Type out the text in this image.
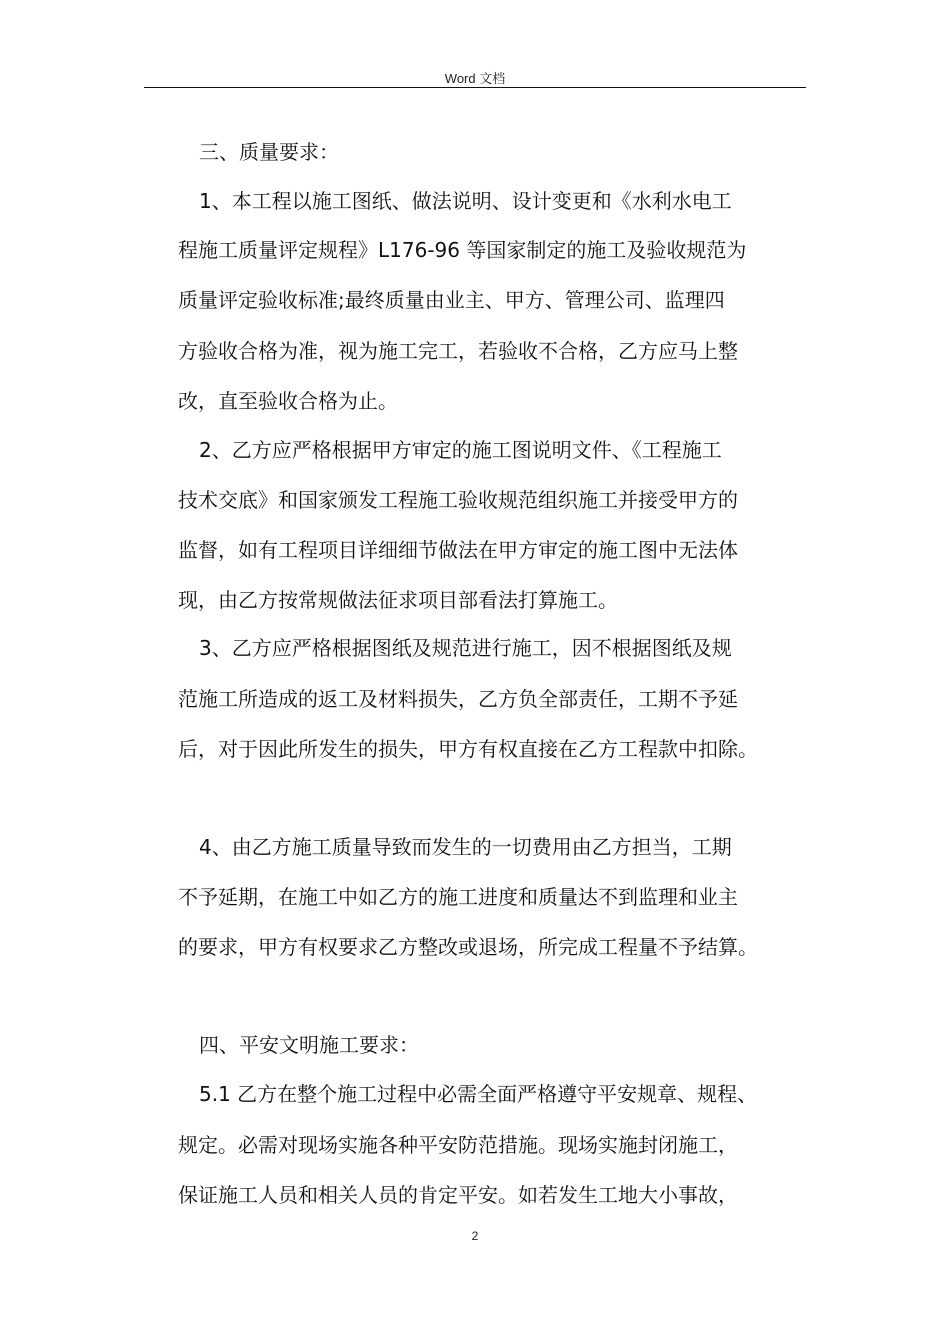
Word 文档
三、质量要求：
1、本工程以施工图纸、做法说明、设计变更和《水利水电工
程施工质量评定规程》L176-96 等国家制定的施工及验收规范为
质量评定验收标准;最终质量由业主、甲方、管理公司、监理四
方验收合格为准，视为施工完工，若验收不合格，乙方应马上整
改，直至验收合格为止。
2、乙方应严格根据甲方审定的施工图说明文件、《工程施工
技术交底》和国家颁发工程施工验收规范组织施工并接受甲方的
监督，如有工程项目详细细节做法在甲方审定的施工图中无法体
现，由乙方按常规做法征求项目部看法打算施工。
3、乙方应严格根据图纸及规范进行施工，因不根据图纸及规
范施工所造成的返工及材料损失，乙方负全部责任，工期不予延
后，对于因此所发生的损失，甲方有权直接在乙方工程款中扣除。
4、由乙方施工质量导致而发生的一切费用由乙方担当，工期
不予延期，在施工中如乙方的施工进度和质量达不到监理和业主
的要求，甲方有权要求乙方整改或退场，所完成工程量不予结算。
四、平安文明施工要求：
5.1 乙方在整个施工过程中必需全面严格遵守平安规章、规程、
规定。必需对现场实施各种平安防范措施。现场实施封闭施工，
保证施工人员和相关人员的肯定平安。如若发生工地大小事故，
2
